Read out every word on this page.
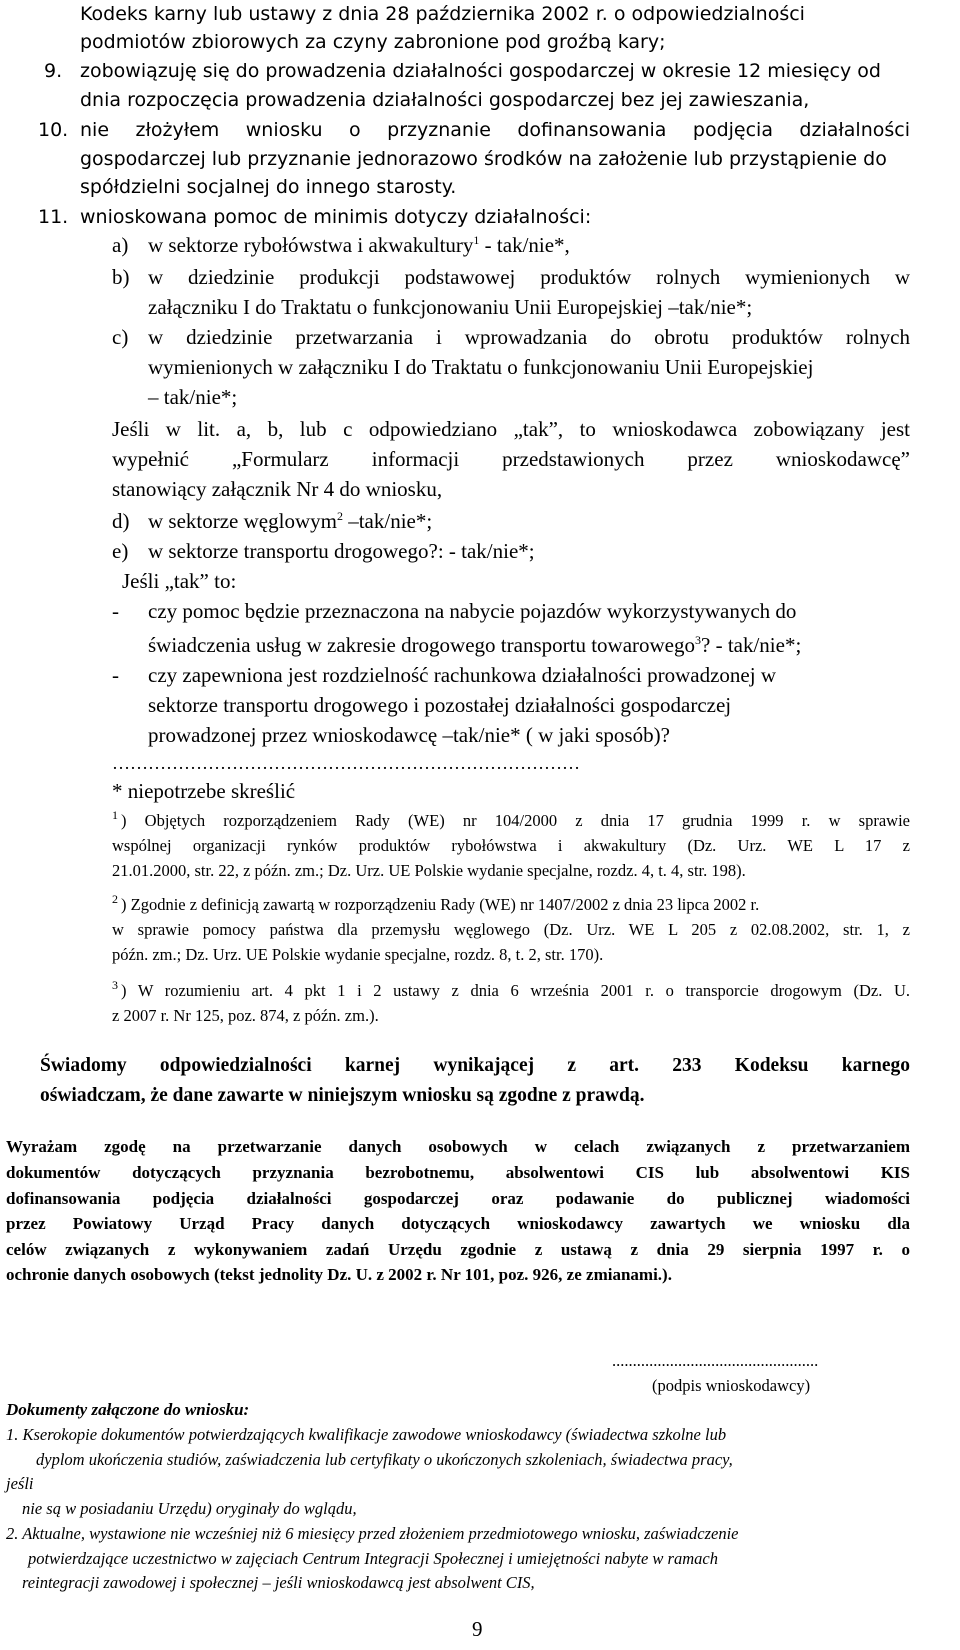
Kodeks karny lub ustawy z dnia 28 października 2002 r. o odpowiedzialności
podmiotów zbiorowych za czyny zabronione pod groźbą kary;
9. zobowiązuję się do prowadzenia działalności gospodarczej w okresie 12 miesięcy od
dnia rozpoczęcia prowadzenia działalności gospodarczej bez jej zawieszania,
10. nie złożyłem wniosku o przyznanie dofinansowania podjęcia działalności
gospodarczej lub przyznanie jednorazowo środków na założenie lub przystąpienie do
spółdzielni socjalnej do innego starosty.
11. wnioskowana pomoc de minimis dotyczy działalności:
a) w sektorze rybołówstwa i akwakultury$^1$ - tak/nie*,
b) w dziedzinie produkcji podstawowej produktów rolnych wymienionych w
załączniku I do Traktatu o funkcjonowaniu Unii Europejskiej –tak/nie*;
c) w dziedzinie przetwarzania i wprowadzania do obrotu produktów rolnych
wymienionych w załączniku I do Traktatu o funkcjonowaniu Unii Europejskiej
– tak/nie*;
Jeśli w lit. a, b, lub c odpowiedziano „tak”, to wnioskodawca zobowiązany jest
wypełnić „Formularz informacji przedstawionych przez wnioskodawcę”
stanowiący załącznik Nr 4 do wniosku,
d) w sektorze węglowym$^2$ –tak/nie*;
e) w sektorze transportu drogowego?: - tak/nie*;
Jeśli „tak” to:
- czy pomoc będzie przeznaczona na nabycie pojazdów wykorzystywanych do
świadczenia usług w zakresie drogowego transportu towarowego$^3$? - tak/nie*;
- czy zapewniona jest rozdzielność rachunkowa działalności prowadzonej w
sektorze transportu drogowego i pozostałej działalności gospodarczej
prowadzonej przez wnioskodawcę –tak/nie* ( w jaki sposób)?
……………………………………………………………………
* niepotrzebe skreślić
$^1$ ) Objętych rozporządzeniem Rady (WE) nr 104/2000 z dnia 17 grudnia 1999 r. w sprawie
wspólnej organizacji rynków produktów rybołówstwa i akwakultury (Dz. Urz. WE L 17 z
21.01.2000, str. 22, z późn. zm.; Dz. Urz. UE Polskie wydanie specjalne, rozdz. 4, t. 4, str. 198).
$^2$ ) Zgodnie z definicją zawartą w rozporządzeniu Rady (WE) nr 1407/2002 z dnia 23 lipca 2002 r.
w sprawie pomocy państwa dla przemysłu węglowego (Dz. Urz. WE L 205 z 02.08.2002, str. 1, z
późn. zm.; Dz. Urz. UE Polskie wydanie specjalne, rozdz. 8, t. 2, str. 170).
$^3$ ) W rozumieniu art. 4 pkt 1 i 2 ustawy z dnia 6 września 2001 r. o transporcie drogowym (Dz. U.
z 2007 r. Nr 125, poz. 874, z późn. zm.).
Świadomy odpowiedzialności karnej wynikającej z art. 233 Kodeksu karnego
oświadczam, że dane zawarte w niniejszym wniosku są zgodne z prawdą.
Wyrażam zgodę na przetwarzanie danych osobowych w celach związanych z przetwarzaniem
dokumentów dotyczących przyznania bezrobotnemu, absolwentowi CIS lub absolwentowi KIS
dofinansowania podjęcia działalności gospodarczej oraz podawanie do publicznej wiadomości
przez Powiatowy Urząd Pracy danych dotyczących wnioskodawcy zawartych we wniosku dla
celów związanych z wykonywaniem zadań Urzędu zgodnie z ustawą z dnia 29 sierpnia 1997 r. o
ochronie danych osobowych (tekst jednolity Dz. U. z 2002 r. Nr 101, poz. 926, ze zmianami.).
..................................................
(podpis wnioskodawcy)
Dokumenty załączone do wniosku:
1. Kserokopie dokumentów potwierdzających kwalifikacje zawodowe wnioskodawcy (świadectwa szkolne lub
dyplom ukończenia studiów, zaświadczenia lub certyfikaty o ukończonych szkoleniach, świadectwa pracy,
jeśli
nie są w posiadaniu Urzędu) oryginały do wglądu,
2. Aktualne, wystawione nie wcześniej niż 6 miesięcy przed złożeniem przedmiotowego wniosku, zaświadczenie
potwierdzające uczestnictwo w zajęciach Centrum Integracji Społecznej i umiejętności nabyte w ramach
reintegracji zawodowej i społecznej – jeśli wnioskodawcą jest absolwent CIS,
9
